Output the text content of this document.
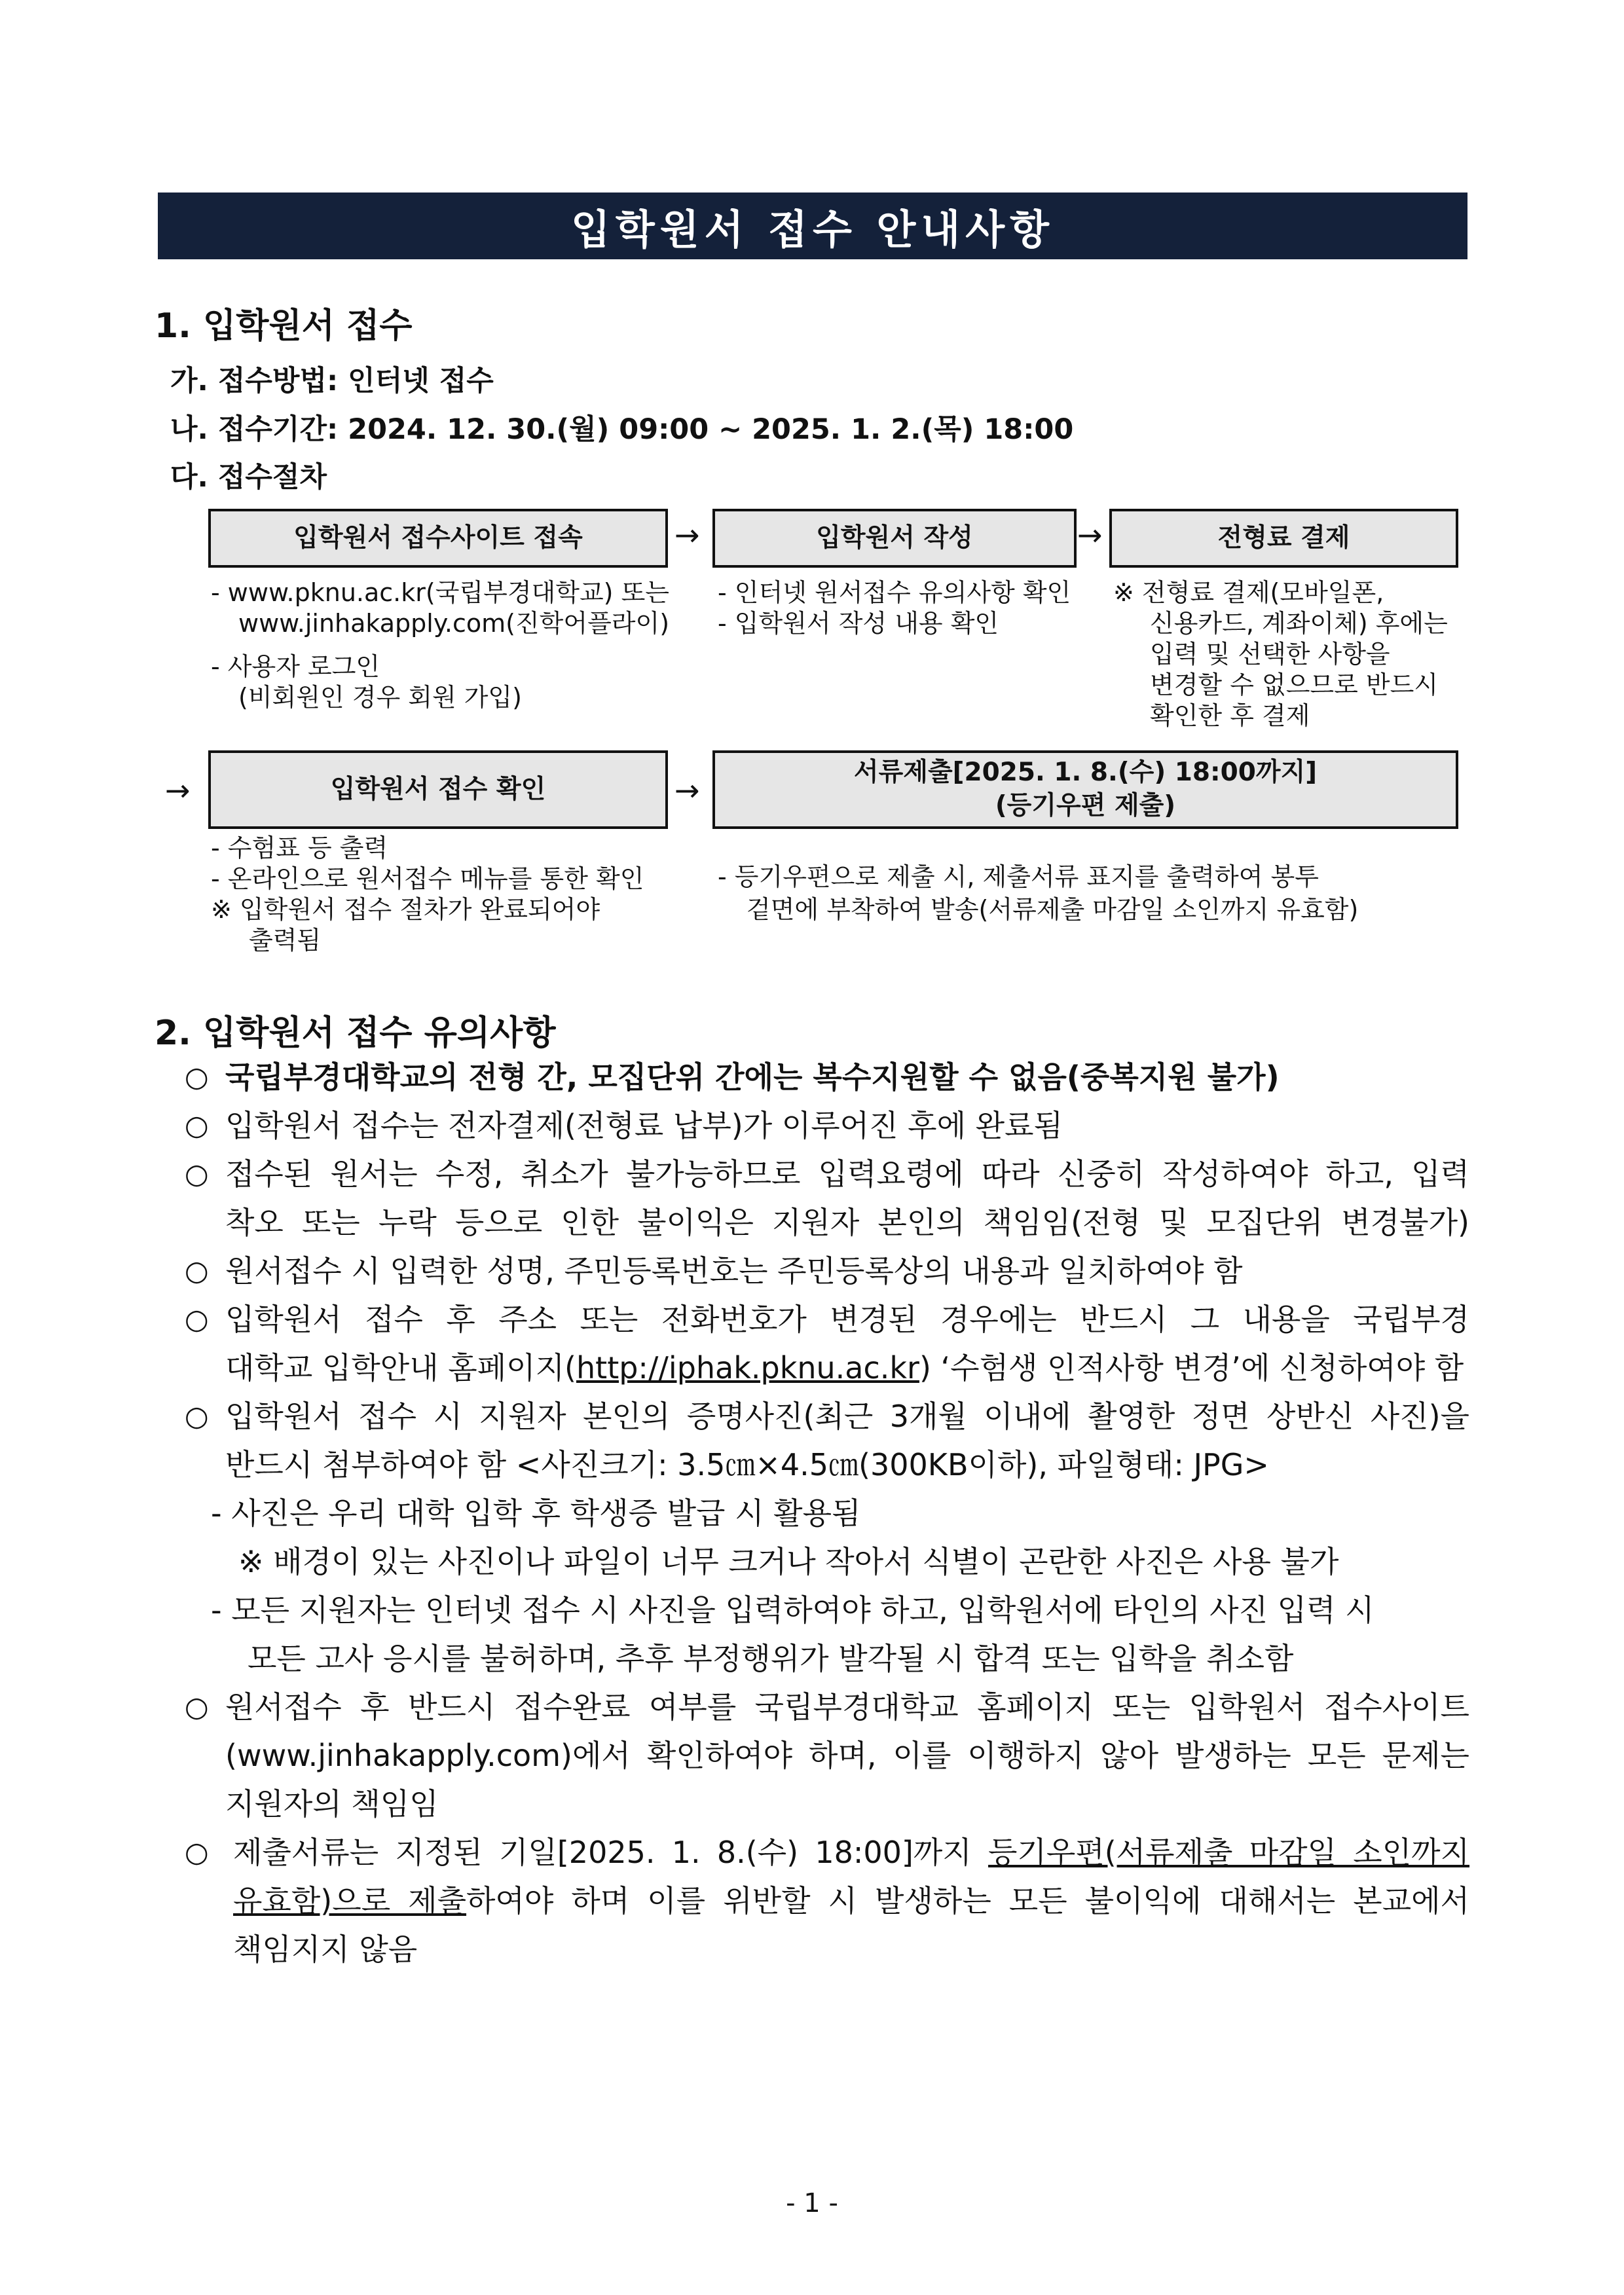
입학원서 접수 안내사항
1. 입학원서 접수
가. 접수방법: 인터넷 접수
나. 접수기간: 2024. 12. 30.(월) 09:00 ~ 2025. 1. 2.(목) 18:00
다. 접수절차
입학원서 접수사이트 접속	→	입학원서 작성	→	전형료 결제
- www.pknu.ac.kr(국립부경대학교) 또는
www.jinhakapply.com(진학어플라이)
- 사용자 로그인
(비회원인 경우 회원 가입)
- 인터넷 원서접수 유의사항 확인
- 입학원서 작성 내용 확인
※ 전형료 결제(모바일폰,
신용카드, 계좌이체) 후에는
입력 및 선택한 사항을
변경할 수 없으므로 반드시
확인한 후 결제
→	입학원서 접수 확인	→
서류제출[2025. 1. 8.(수) 18:00까지]
(등기우편 제출)
- 수험표 등 출력
- 온라인으로 원서접수 메뉴를 통한 확인
※ 입학원서 접수 절차가 완료되어야
출력됨
- 등기우편으로 제출 시, 제출서류 표지를 출력하여 봉투
겉면에 부착하여 발송(서류제출 마감일 소인까지 유효함)
2. 입학원서 접수 유의사항
○ 국립부경대학교의 전형 간, 모집단위 간에는 복수지원할 수 없음(중복지원 불가)
○ 입학원서 접수는 전자결제(전형료 납부)가 이루어진 후에 완료됨
○ 접수된 원서는 수정, 취소가 불가능하므로 입력요령에 따라 신중히 작성하여야 하고, 입력
착오 또는 누락 등으로 인한 불이익은 지원자 본인의 책임임(전형 및 모집단위 변경불가)
○ 원서접수 시 입력한 성명, 주민등록번호는 주민등록상의 내용과 일치하여야 함
○ 입학원서 접수 후 주소 또는 전화번호가 변경된 경우에는 반드시 그 내용을 국립부경
대학교 입학안내 홈페이지(http://iphak.pknu.ac.kr) ‘수험생 인적사항 변경’에 신청하여야 함
○ 입학원서 접수 시 지원자 본인의 증명사진(최근 3개월 이내에 촬영한 정면 상반신 사진)을
반드시 첨부하여야 함 <사진크기: 3.5㎝×4.5㎝(300KB이하), 파일형태: JPG>
- 사진은 우리 대학 입학 후 학생증 발급 시 활용됨
※ 배경이 있는 사진이나 파일이 너무 크거나 작아서 식별이 곤란한 사진은 사용 불가
- 모든 지원자는 인터넷 접수 시 사진을 입력하여야 하고, 입학원서에 타인의 사진 입력 시
모든 고사 응시를 불허하며, 추후 부정행위가 발각될 시 합격 또는 입학을 취소함
○ 원서접수 후 반드시 접수완료 여부를 국립부경대학교 홈페이지 또는 입학원서 접수사이트
(www.jinhakapply.com)에서 확인하여야 하며, 이를 이행하지 않아 발생하는 모든 문제는
지원자의 책임임
○ 제출서류는 지정된 기일[2025. 1. 8.(수) 18:00]까지 등기우편(서류제출 마감일 소인까지
유효함)으로 제출하여야 하며 이를 위반할 시 발생하는 모든 불이익에 대해서는 본교에서
책임지지 않음
- 1 -
